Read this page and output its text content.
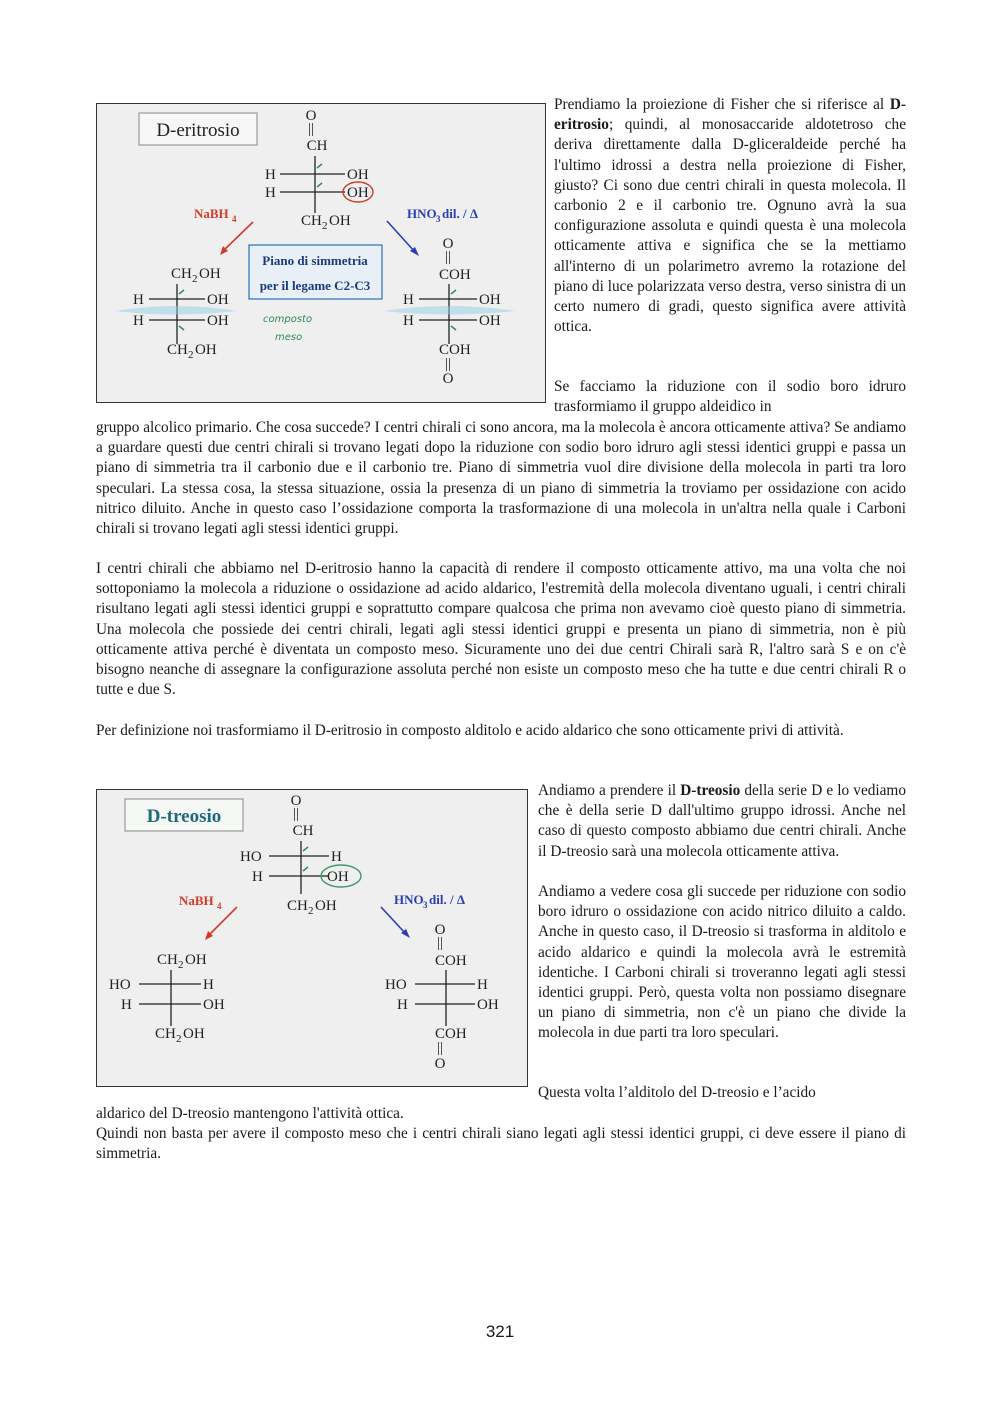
D-eritrosio
O
||
CH
H
H
OH
OH
CH 2 OH
NaBH 4	HNO 3 dil. / Δ
Piano di simmetria
per il legame C2-C3
composto
meso
CH 2 OH
H	OH
H	OH
CH 2 OH
O
||
COH
H	OH
H	OH
COH
||
O

Prendiamo la proiezione di Fisher che si riferisce al D-eritrosio; quindi, al monosaccaride aldotetroso che deriva direttamente dalla D-gliceraldeide perché ha l'ultimo idrossi a destra nella proiezione di Fisher, giusto? Ci sono due centri chirali in questa molecola. Il carbonio 2 e il carbonio tre. Ognuno avrà la sua configurazione assoluta e quindi questa è una molecola otticamente attiva e significa che se la mettiamo all'interno di un polarimetro avremo la rotazione del piano di luce polarizzata verso destra, verso sinistra di un certo numero di gradi, questo significa avere attività ottica.

Se facciamo la riduzione con il sodio boro idruro trasformiamo il gruppo aldeidico in

gruppo alcolico primario. Che cosa succede? I centri chirali ci sono ancora, ma la molecola è ancora otticamente attiva? Se andiamo a guardare questi due centri chirali si trovano legati dopo la riduzione con sodio boro idruro agli stessi identici gruppi e passa un piano di simmetria tra il carbonio due e il carbonio tre. Piano di simmetria vuol dire divisione della molecola in parti tra loro speculari. La stessa cosa, la stessa situazione, ossia la presenza di un piano di simmetria la troviamo per ossidazione con acido nitrico diluito. Anche in questo caso l’ossidazione comporta la trasformazione di una molecola in un'altra nella quale i Carboni chirali si trovano legati agli stessi identici gruppi.

I centri chirali che abbiamo nel D-eritrosio hanno la capacità di rendere il composto otticamente attivo, ma una volta che noi sottoponiamo la molecola a riduzione o ossidazione ad acido aldarico, l'estremità della molecola diventano uguali, i centri chirali risultano legati agli stessi identici gruppi e soprattutto compare qualcosa che prima non avevamo cioè questo piano di simmetria. Una molecola che possiede dei centri chirali, legati agli stessi identici gruppi e presenta un piano di simmetria, non è più otticamente attiva perché è diventata un composto meso. Sicuramente uno dei due centri Chirali sarà R, l'altro sarà S e on c'è bisogno neanche di assegnare la configurazione assoluta perché non esiste un composto meso che ha tutte e due centri chirali R o tutte e due S.

Per definizione noi trasformiamo il D-eritrosio in composto alditolo e acido aldarico che sono otticamente privi di attività.

D-treosio
O
||
CH
HO
H
H
OH
CH 2 OH
NaBH 4	HNO 3 dil. / Δ
CH 2 OH
HO	H
H	OH
CH 2 OH
O
||
COH
HO	H
H	OH
COH
||
O

Andiamo a prendere il D-treosio della serie D e lo vediamo che è della serie D dall'ultimo gruppo idrossi. Anche nel caso di questo composto abbiamo due centri chirali. Anche il D-treosio sarà una molecola otticamente attiva.

Andiamo a vedere cosa gli succede per riduzione con sodio boro idruro o ossidazione con acido nitrico diluito a caldo. Anche in questo caso, il D-treosio si trasforma in alditolo e acido aldarico e quindi la molecola avrà le estremità identiche. I Carboni chirali si troveranno legati agli stessi identici gruppi. Però, questa volta non possiamo disegnare un piano di simmetria, non c'è un piano che divide la molecola in due parti tra loro speculari.

Questa volta l’alditolo del D-treosio e l’acido

aldarico del D-treosio mantengono l'attività ottica.

Quindi non basta per avere il composto meso che i centri chirali siano legati agli stessi identici gruppi, ci deve essere il piano di simmetria.

321
